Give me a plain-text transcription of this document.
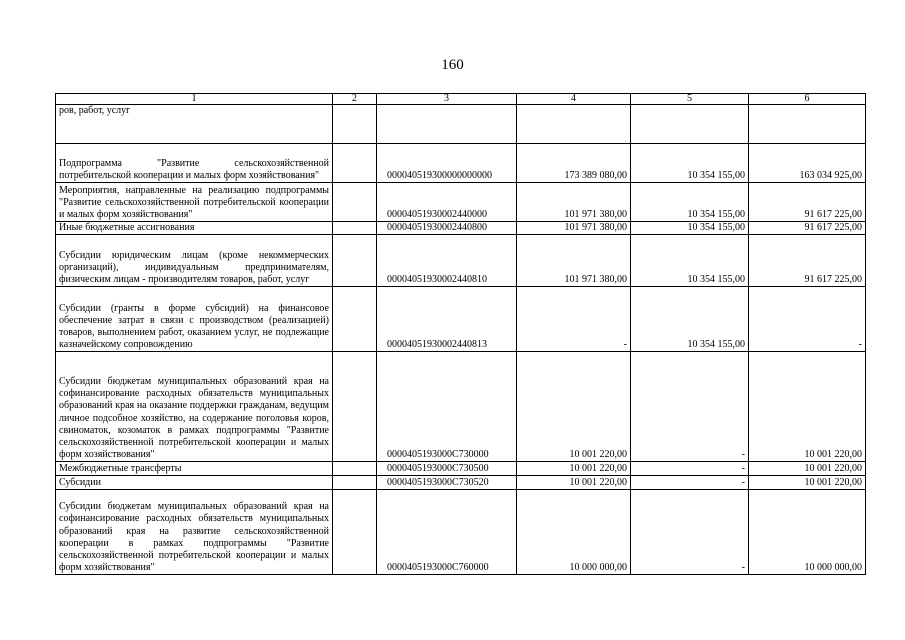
160
1	2	3	4	5	6
ров, работ, услуг					
Подпрограмма "Развитие сельскохозяйственной потребительской кооперации и малых форм хозяйствования"		000040519300000000000	173 389 080,00	10 354 155,00	163 034 925,00
Мероприятия, направленные на реализацию подпрограммы "Развитие сельскохозяйственной потребительской кооперации и малых форм хозяйствования"		00004051930002440000	101 971 380,00	10 354 155,00	91 617 225,00
Иные бюджетные ассигнования		00004051930002440800	101 971 380,00	10 354 155,00	91 617 225,00
Субсидии юридическим лицам (кроме некоммерческих организаций), индивидуальным предпринимателям, физическим лицам - производителям товаров, работ, услуг		00004051930002440810	101 971 380,00	10 354 155,00	91 617 225,00
Субсидии (гранты в форме субсидий) на финансовое обеспечение затрат в связи с производством (реализацией) товаров, выполнением работ, оказанием услуг, не подлежащие казначейскому сопровождению		00004051930002440813	-	10 354 155,00	-
Субсидии бюджетам муниципальных образований края на софинансирование расходных обязательств муниципальных образований края на оказание поддержки гражданам, ведущим личное подсобное хозяйство, на содержание поголовья коров, свиноматок, козоматок в рамках подпрограммы "Развитие сельскохозяйственной потребительской кооперации и малых форм хозяйствования"		0000405193000С730000	10 001 220,00	-	10 001 220,00
Межбюджетные трансферты		0000405193000С730500	10 001 220,00	-	10 001 220,00
Субсидии		0000405193000С730520	10 001 220,00	-	10 001 220,00
Субсидии бюджетам муниципальных образований края на софинансирование расходных обязательств муниципальных образований края на развитие сельскохозяйственной кооперации в рамках подпрограммы "Развитие сельскохозяйственной потребительской кооперации и малых форм хозяйствования"		0000405193000С760000	10 000 000,00	-	10 000 000,00
